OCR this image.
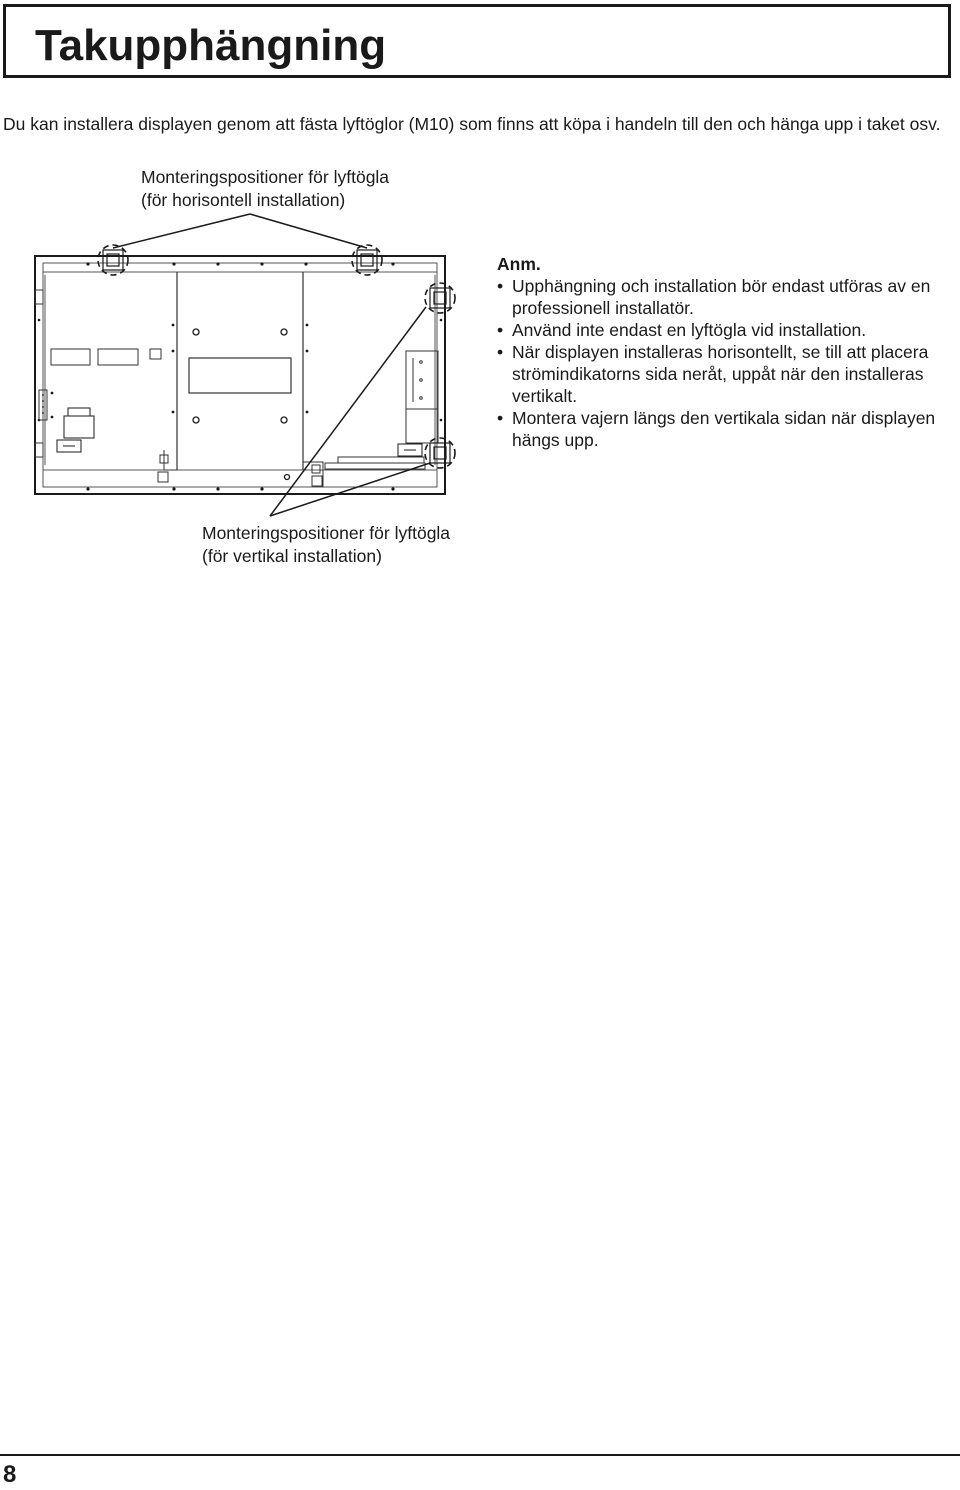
Takupphängning

Du kan installera displayen genom att fästa lyftöglor (M10) som finns att köpa i handeln till den och hänga upp i taket osv.

Monteringspositioner för lyftögla
(för horisontell installation)

Anm.

• Upphängning och installation bör endast utföras av en professionell installatör.
• Använd inte endast en lyftögla vid installation.
• När displayen installeras horisontellt, se till att placera strömindikatorns sida neråt, uppåt när den installeras vertikalt.
• Montera vajern längs den vertikala sidan när displayen hängs upp.

Monteringspositioner för lyftögla
(för vertikal installation)

8
